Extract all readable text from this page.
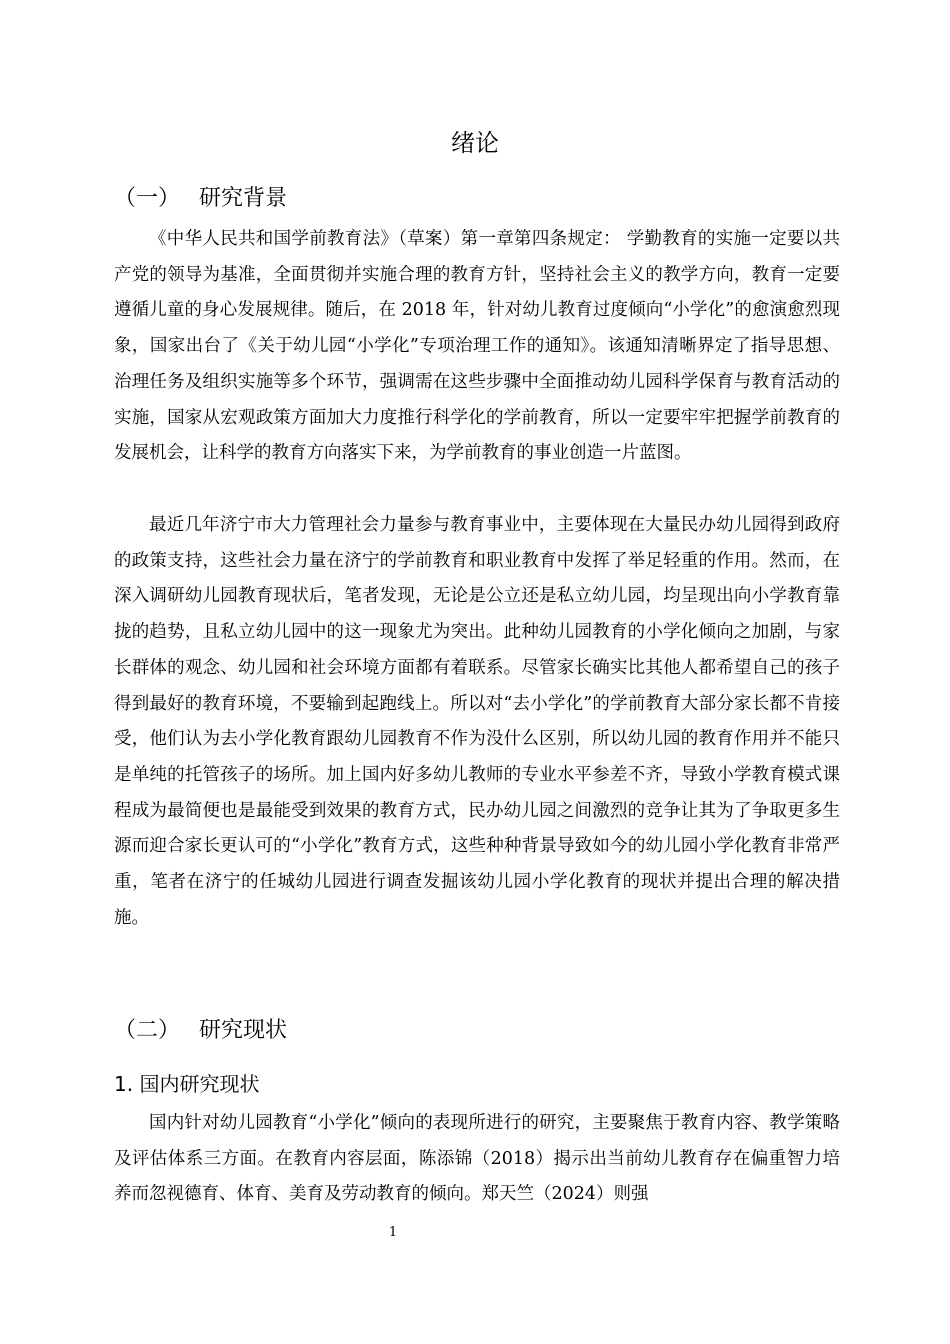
绪论
（一） 研究背景

《中华人民共和国学前教育法》（草案）第一章第四条规定： 学勤教育的实施一定要以共产党的领导为基准，全面贯彻并实施合理的教育方针，坚持社会主义的教学方向，教育一定要遵循儿童的身心发展规律。随后，在 2018 年，针对幼儿教育过度倾向“小学化”的愈演愈烈现象，国家出台了《关于幼儿园“小学化”专项治理工作的通知》。该通知清晰界定了指导思想、治理任务及组织实施等多个环节，强调需在这些步骤中全面推动幼儿园科学保育与教育活动的实施，国家从宏观政策方面加大力度推行科学化的学前教育，所以一定要牢牢把握学前教育的发展机会，让科学的教育方向落实下来，为学前教育的事业创造一片蓝图。

最近几年济宁市大力管理社会力量参与教育事业中，主要体现在大量民办幼儿园得到政府的政策支持，这些社会力量在济宁的学前教育和职业教育中发挥了举足轻重的作用。然而，在深入调研幼儿园教育现状后，笔者发现，无论是公立还是私立幼儿园，均呈现出向小学教育靠拢的趋势，且私立幼儿园中的这一现象尤为突出。此种幼儿园教育的小学化倾向之加剧，与家长群体的观念、幼儿园和社会环境方面都有着联系。尽管家长确实比其他人都希望自己的孩子得到最好的教育环境，不要输到起跑线上。所以对“去小学化”的学前教育大部分家长都不肯接受，他们认为去小学化教育跟幼儿园教育不作为没什么区别，所以幼儿园的教育作用并不能只是单纯的托管孩子的场所。加上国内好多幼儿教师的专业水平参差不齐，导致小学教育模式课程成为最简便也是最能受到效果的教育方式，民办幼儿园之间激烈的竞争让其为了争取更多生源而迎合家长更认可的“小学化”教育方式，这些种种背景导致如今的幼儿园小学化教育非常严重，笔者在济宁的任城幼儿园进行调查发掘该幼儿园小学化教育的现状并提出合理的解决措施。

（二） 研究现状
1. 国内研究现状

国内针对幼儿园教育“小学化”倾向的表现所进行的研究，主要聚焦于教育内容、教学策略及评估体系三方面。在教育内容层面，陈添锦（2018）揭示出当前幼儿教育存在偏重智力培养而忽视德育、体育、美育及劳动教育的倾向。郑天竺（2024）则强

1
